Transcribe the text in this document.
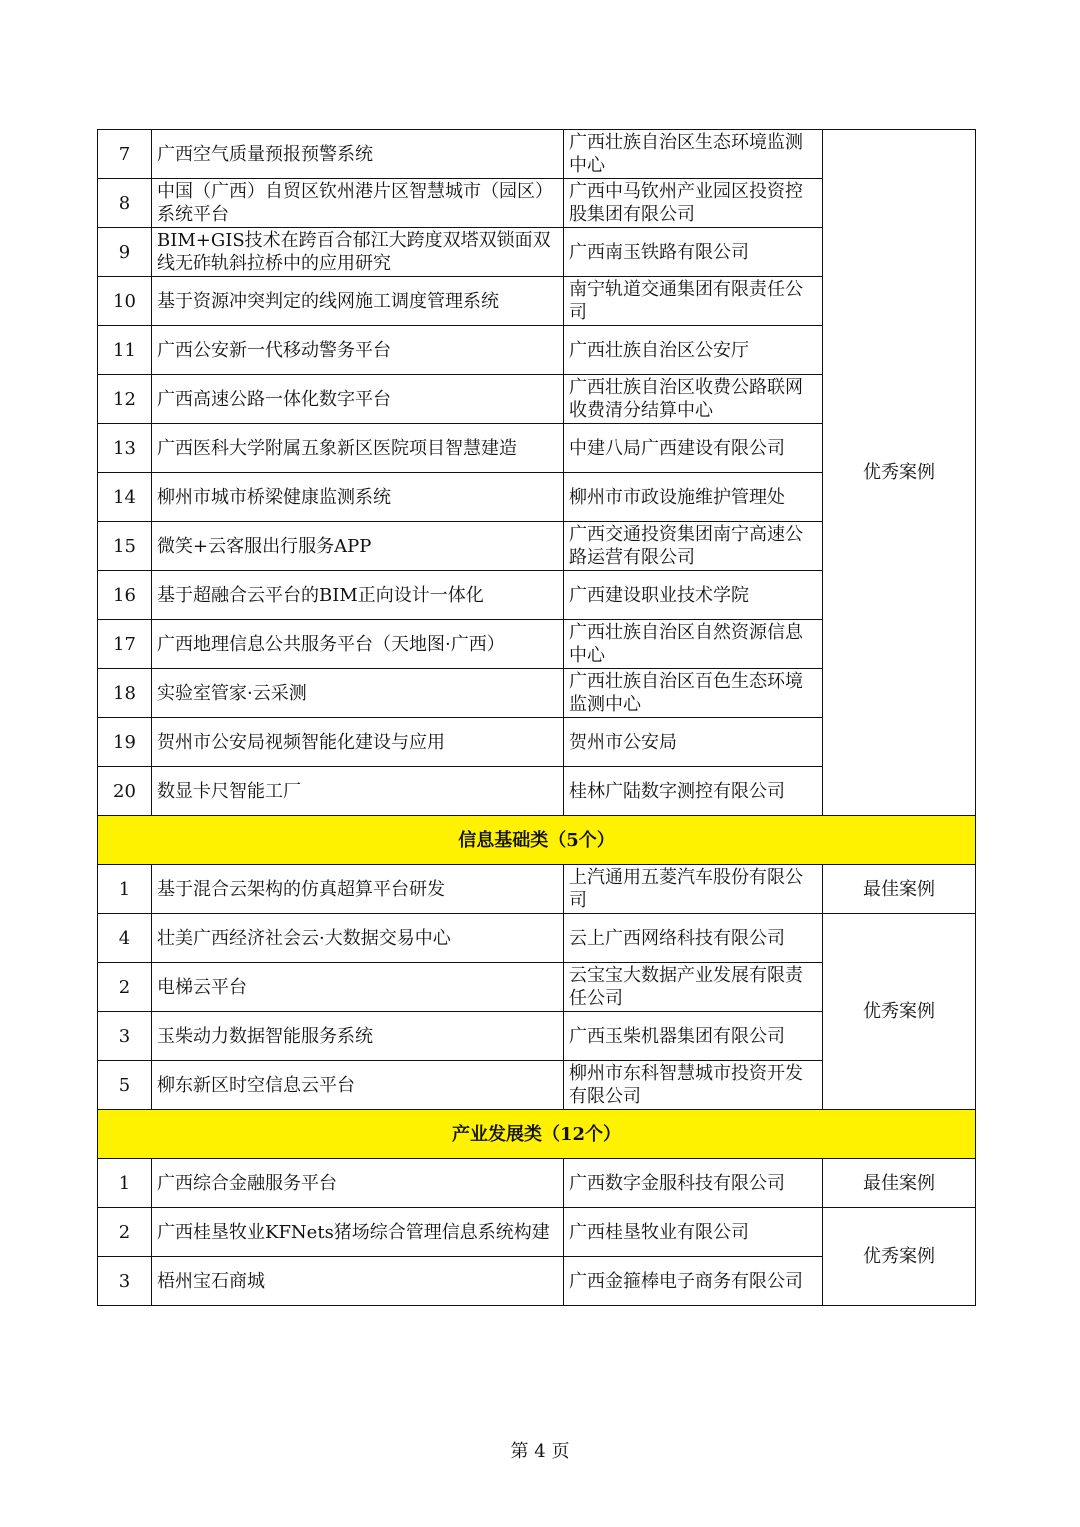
7	广西空气质量预报预警系统	广西壮族自治区生态环境监测中心	优秀案例
8	中国（广西）自贸区钦州港片区智慧城市（园区）系统平台	广西中马钦州产业园区投资控股集团有限公司	
9	BIM+GIS技术在跨百合郁江大跨度双塔双锁面双线无砟轨斜拉桥中的应用研究	广西南玉铁路有限公司	
10	基于资源冲突判定的线网施工调度管理系统	南宁轨道交通集团有限责任公司	
11	广西公安新一代移动警务平台	广西壮族自治区公安厅	
12	广西高速公路一体化数字平台	广西壮族自治区收费公路联网收费清分结算中心	
13	广西医科大学附属五象新区医院项目智慧建造	中建八局广西建设有限公司	
14	柳州市城市桥梁健康监测系统	柳州市市政设施维护管理处	
15	微笑+云客服出行服务APP	广西交通投资集团南宁高速公路运营有限公司	
16	基于超融合云平台的BIM正向设计一体化	广西建设职业技术学院	
17	广西地理信息公共服务平台（天地图·广西）	广西壮族自治区自然资源信息中心	
18	实验室管家·云采测	广西壮族自治区百色生态环境监测中心	
19	贺州市公安局视频智能化建设与应用	贺州市公安局	
20	数显卡尺智能工厂	桂林广陆数字测控有限公司	
信息基础类（5个）			
1	基于混合云架构的仿真超算平台研发	上汽通用五菱汽车股份有限公司	最佳案例
4	壮美广西经济社会云·大数据交易中心	云上广西网络科技有限公司	优秀案例
2	电梯云平台	云宝宝大数据产业发展有限责任公司	
3	玉柴动力数据智能服务系统	广西玉柴机器集团有限公司	
5	柳东新区时空信息云平台	柳州市东科智慧城市投资开发有限公司	
产业发展类（12个）			
1	广西综合金融服务平台	广西数字金服科技有限公司	最佳案例
2	广西桂垦牧业KFNets猪场综合管理信息系统构建	广西桂垦牧业有限公司	优秀案例
3	梧州宝石商城	广西金箍棒电子商务有限公司	
第 4 页
